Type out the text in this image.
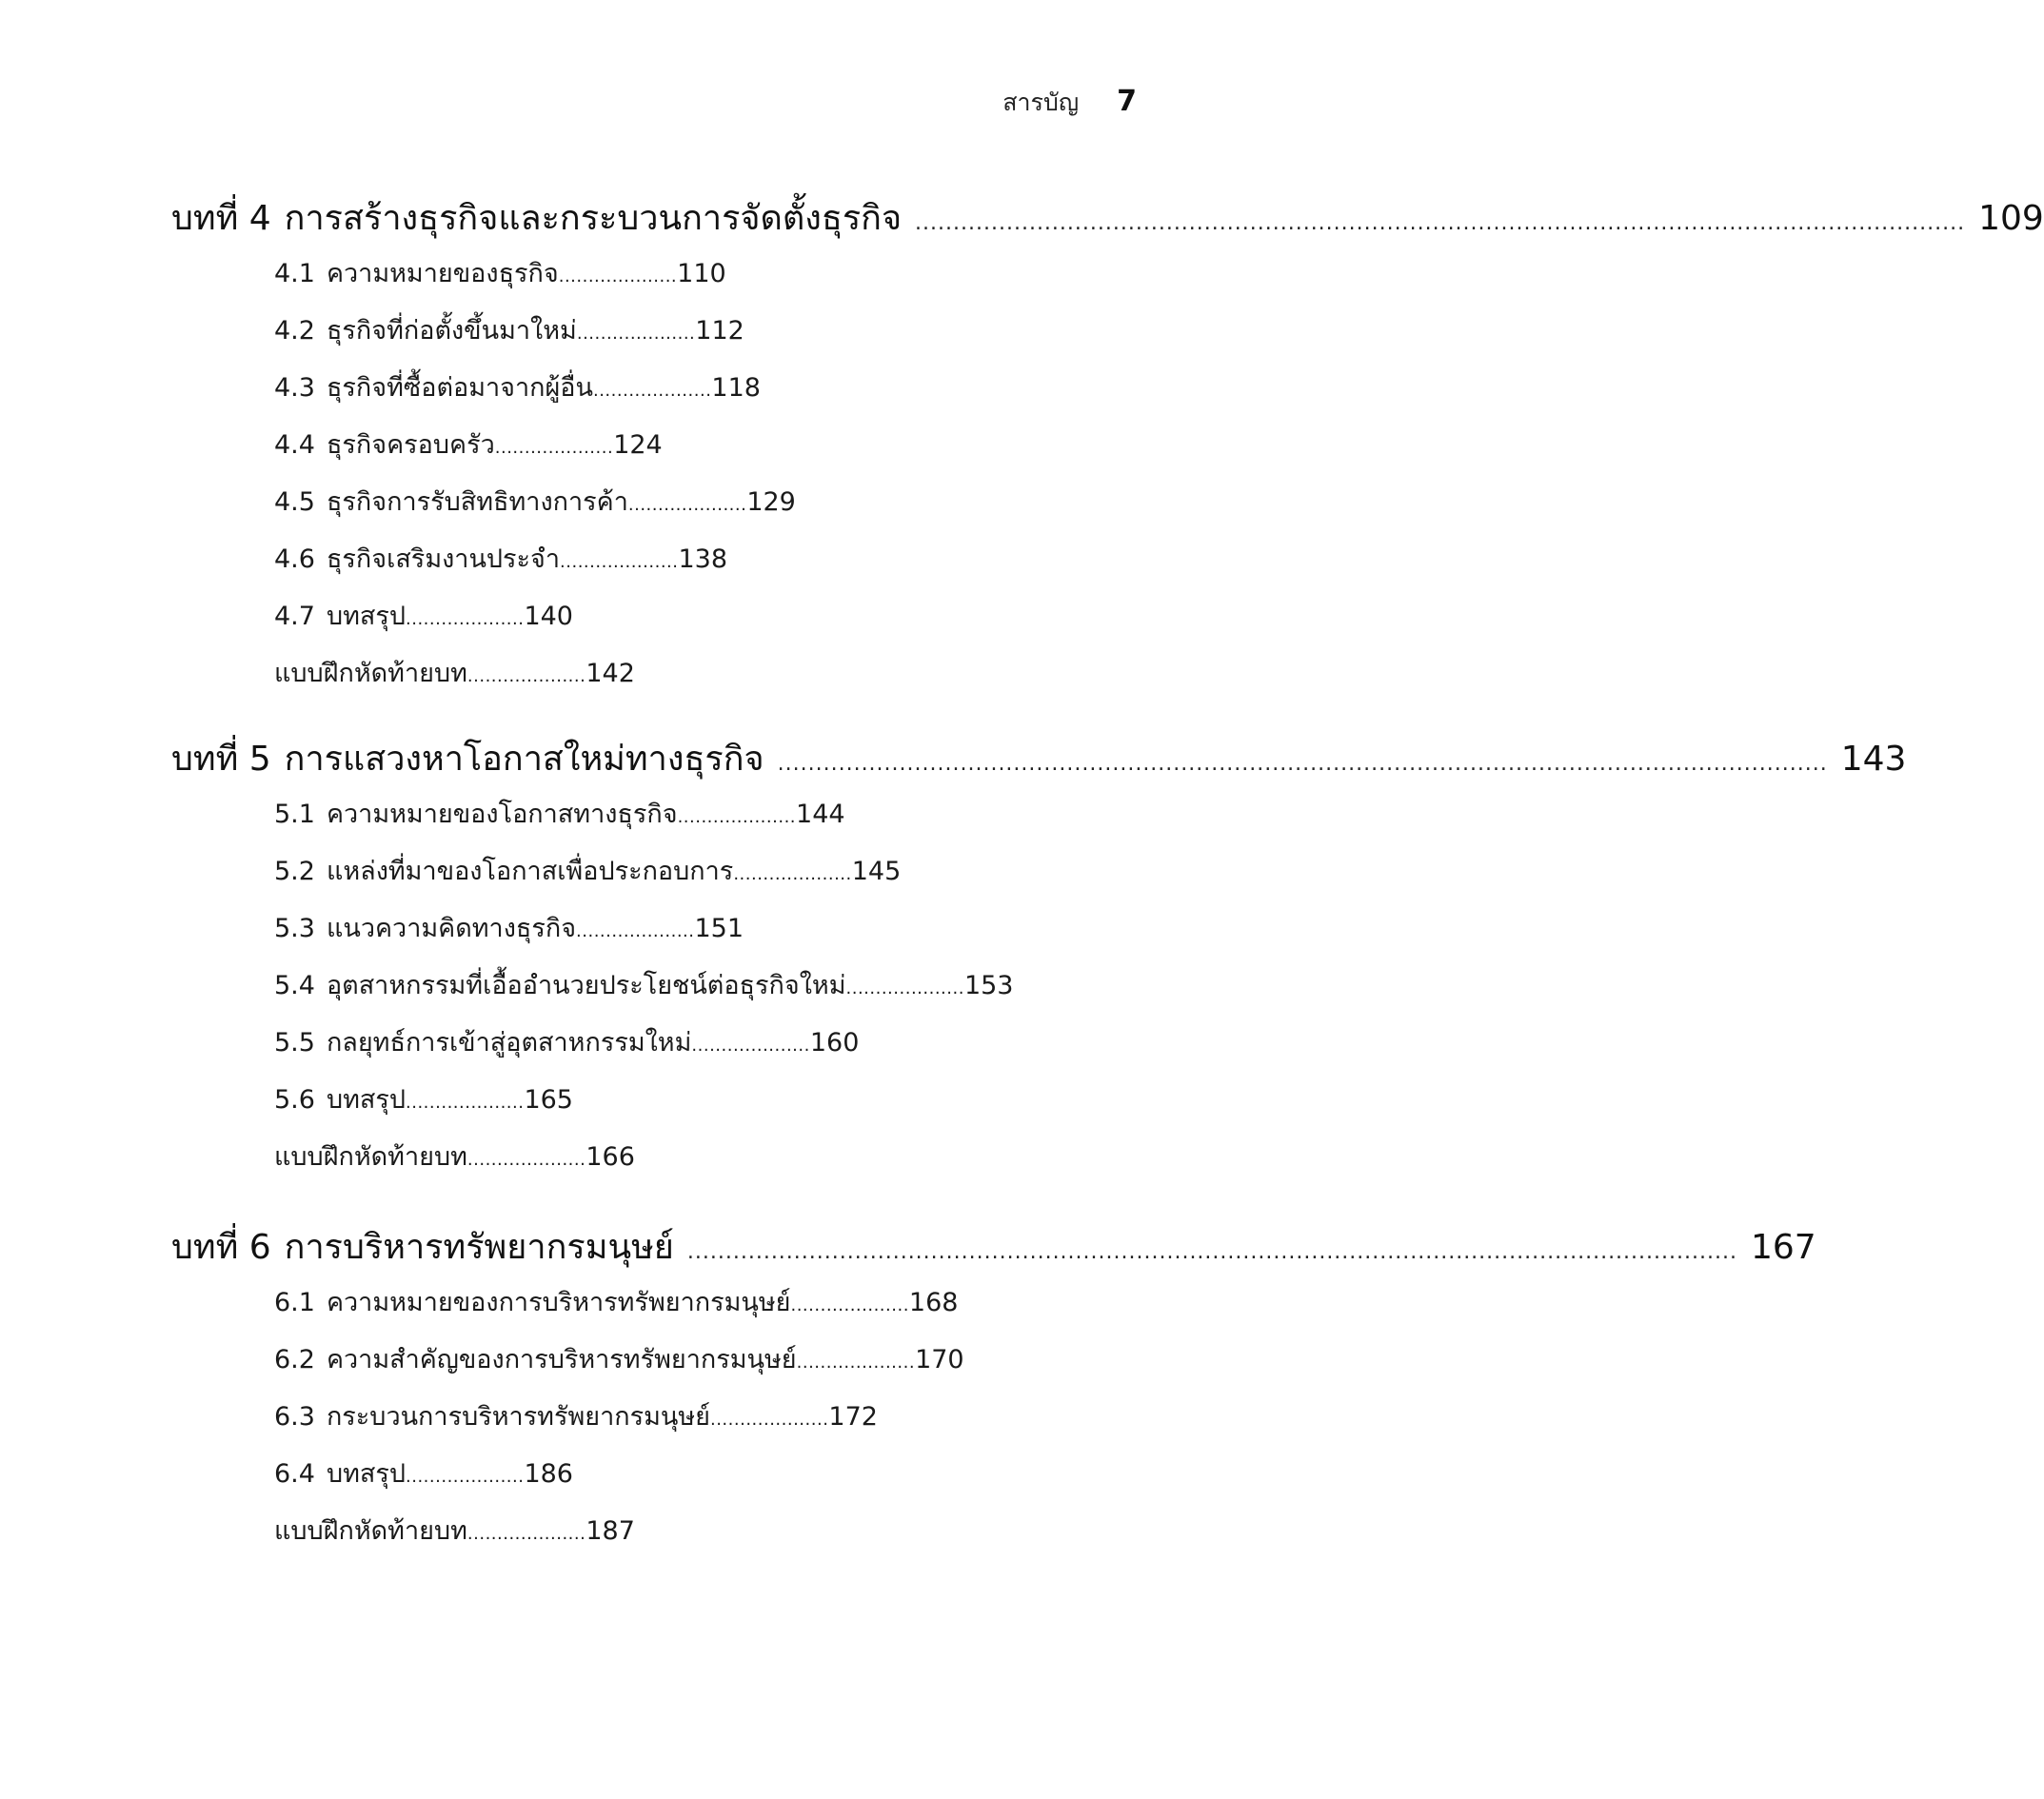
สารบัญ 7
บทที่ 4 การสร้างธุรกิจและกระบวนการจัดตั้งธุรกิจ .......................................................................................................................................... 109
4.1 ความหมายของธุรกิจ....................110
4.2 ธุรกิจที่ก่อตั้งขึ้นมาใหม่....................112
4.3 ธุรกิจที่ซื้อต่อมาจากผู้อื่น....................118
4.4 ธุรกิจครอบครัว....................124
4.5 ธุรกิจการรับสิทธิทางการค้า....................129
4.6 ธุรกิจเสริมงานประจำ....................138
4.7 บทสรุป....................140
แบบฝึกหัดท้ายบท....................142
บทที่ 5 การแสวงหาโอกาสใหม่ทางธุรกิจ .......................................................................................................................................... 143
5.1 ความหมายของโอกาสทางธุรกิจ....................144
5.2 แหล่งที่มาของโอกาสเพื่อประกอบการ....................145
5.3 แนวความคิดทางธุรกิจ....................151
5.4 อุตสาหกรรมที่เอื้ออำนวยประโยชน์ต่อธุรกิจใหม่....................153
5.5 กลยุทธ์การเข้าสู่อุตสาหกรรมใหม่....................160
5.6 บทสรุป....................165
แบบฝึกหัดท้ายบท....................166
บทที่ 6 การบริหารทรัพยากรมนุษย์ .......................................................................................................................................... 167
6.1 ความหมายของการบริหารทรัพยากรมนุษย์....................168
6.2 ความสำคัญของการบริหารทรัพยากรมนุษย์....................170
6.3 กระบวนการบริหารทรัพยากรมนุษย์....................172
6.4 บทสรุป....................186
แบบฝึกหัดท้ายบท....................187
